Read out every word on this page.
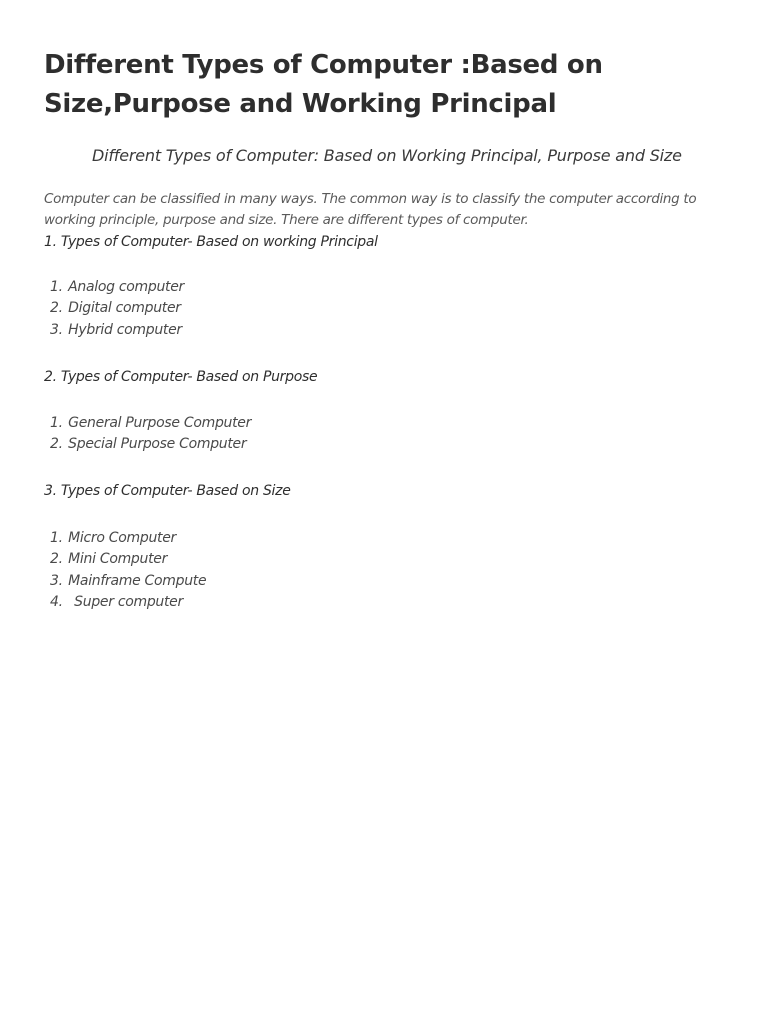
Different Types of Computer :Based on Size,Purpose and Working Principal
Different Types of Computer: Based on Working Principal, Purpose and Size

Computer can be classified in many ways. The common way is to classify the computer according to working principle, purpose and size. There are different types of computer.

1. Types of Computer- Based on working Principal
1. Analog computer
2. Digital computer
3. Hybrid computer
2. Types of Computer- Based on Purpose
1. General Purpose Computer
2. Special Purpose Computer
3. Types of Computer- Based on Size
1. Micro Computer
2. Mini Computer
3. Mainframe Compute
4. Super computer
